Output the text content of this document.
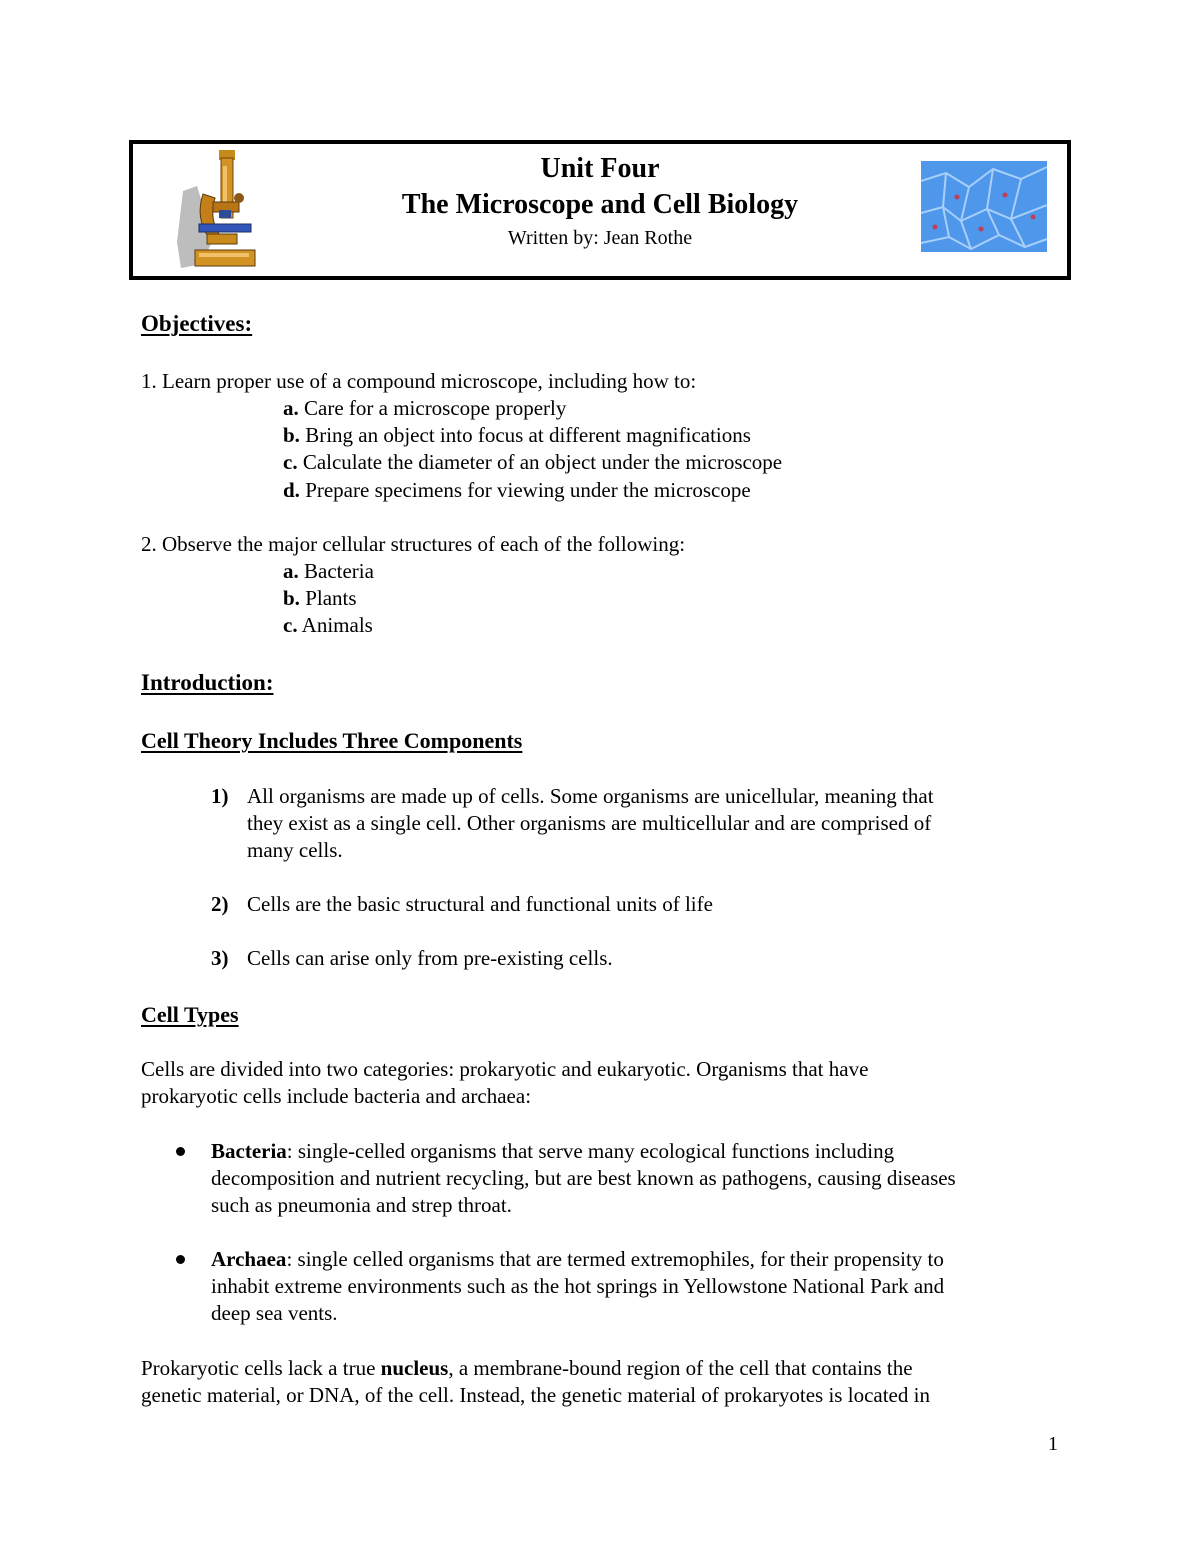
Unit Four
The Microscope and Cell Biology
Written by: Jean Rothe
Objectives:
1. Learn proper use of a compound microscope, including how to:
a. Care for a microscope properly
b. Bring an object into focus at different magnifications
c. Calculate the diameter of an object under the microscope
d. Prepare specimens for viewing under the microscope
2. Observe the major cellular structures of each of the following:
a. Bacteria
b. Plants
c. Animals
Introduction:
Cell Theory Includes Three Components
1) All organisms are made up of cells. Some organisms are unicellular, meaning that
they exist as a single cell. Other organisms are multicellular and are comprised of
many cells.
2) Cells are the basic structural and functional units of life
3) Cells can arise only from pre-existing cells.
Cell Types
Cells are divided into two categories: prokaryotic and eukaryotic. Organisms that have
prokaryotic cells include bacteria and archaea:
Bacteria: single-celled organisms that serve many ecological functions including
decomposition and nutrient recycling, but are best known as pathogens, causing diseases
such as pneumonia and strep throat.
Archaea: single celled organisms that are termed extremophiles, for their propensity to
inhabit extreme environments such as the hot springs in Yellowstone National Park and
deep sea vents.
Prokaryotic cells lack a true nucleus, a membrane-bound region of the cell that contains the
genetic material, or DNA, of the cell. Instead, the genetic material of prokaryotes is located in
1
